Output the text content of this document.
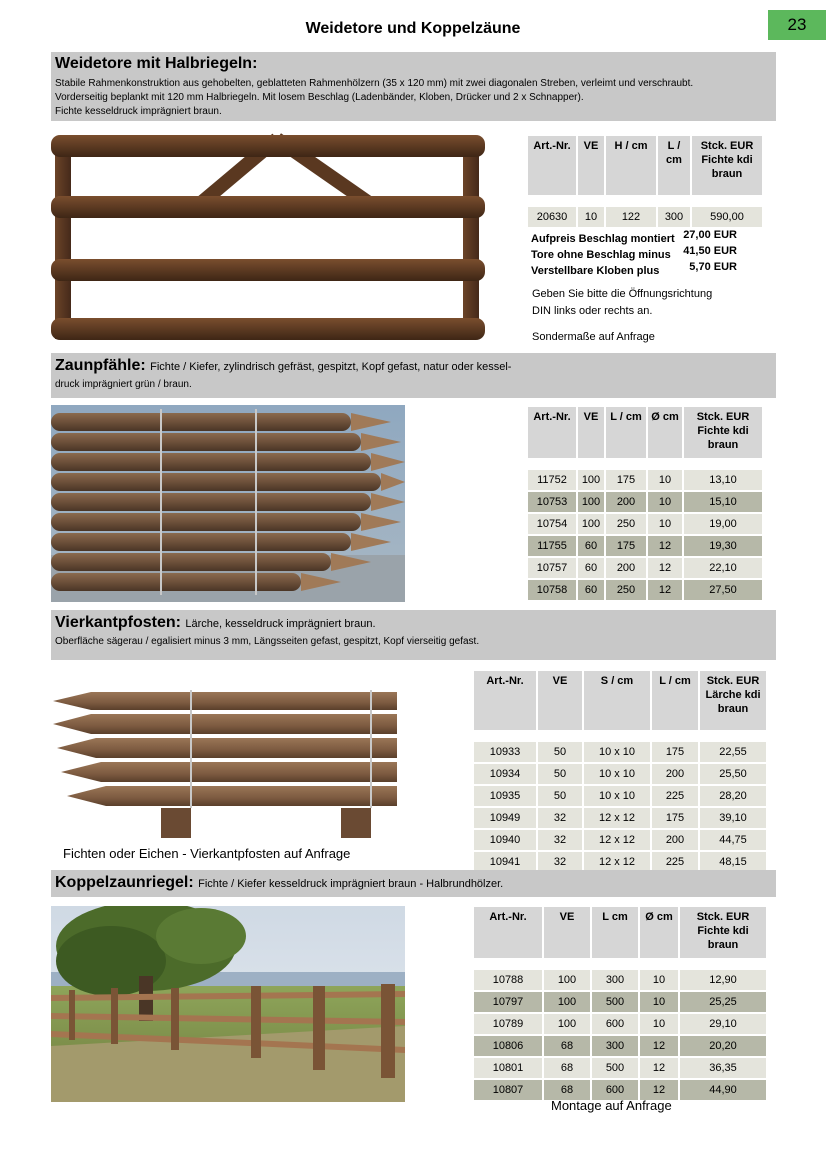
Weidetore und Koppelzäune	23
Weidetore mit Halbriegeln:
Stabile Rahmenkonstruktion aus gehobelten, geblatteten Rahmenhölzern (35 x 120 mm) mit zwei diagonalen Streben, verleimt und verschraubt.
Vorderseitig beplankt mit 120 mm Halbriegeln. Mit losem Beschlag (Ladenbänder, Kloben, Drücker und 2 x Schnapper).
Fichte kesseldruck imprägniert braun.
Art.-Nr.	VE	H / cm	L / cm	Stck. EUR Fichte kdi braun

20630	10	122	300	590,00
Aufpreis Beschlag montiert 27,00 EUR
Tore ohne Beschlag minus 41,50 EUR
Verstellbare Kloben plus	5,70 EUR
Geben Sie bitte die Öffnungsrichtung
DIN links oder rechts an.
Sondermaße auf Anfrage
Zaunpfähle: Fichte / Kiefer, zylindrisch gefräst, gespitzt, Kopf gefast, natur oder kessel-
druck imprägniert grün / braun.
Art.-Nr.	VE	L / cm	Ø cm	Stck. EUR Fichte kdi braun

11752	100	175	10	13,10
10753	100	200	10	15,10
10754	100	250	10	19,00
11755	60	175	12	19,30
10757	60	200	12	22,10
10758	60	250	12	27,50
Vierkantpfosten: Lärche, kesseldruck imprägniert braun.
Oberfläche sägerau / egalisiert minus 3 mm, Längsseiten gefast, gespitzt, Kopf vierseitig gefast.
Fichten oder Eichen - Vierkantpfosten auf Anfrage
Art.-Nr.	VE	S / cm	L / cm	Stck. EUR Lärche kdi braun

10933	50	10 x 10	175	22,55
10934	50	10 x 10	200	25,50
10935	50	10 x 10	225	28,20
10949	32	12 x 12	175	39,10
10940	32	12 x 12	200	44,75
10941	32	12 x 12	225	48,15
Koppelzaunriegel: Fichte / Kiefer kesseldruck imprägniert braun - Halbrundhölzer.
Art.-Nr.	VE	L cm	Ø cm	Stck. EUR Fichte kdi braun

10788	100	300	10	12,90
10797	100	500	10	25,25
10789	100	600	10	29,10
10806	68	300	12	20,20
10801	68	500	12	36,35
10807	68	600	12	44,90
Montage auf Anfrage
